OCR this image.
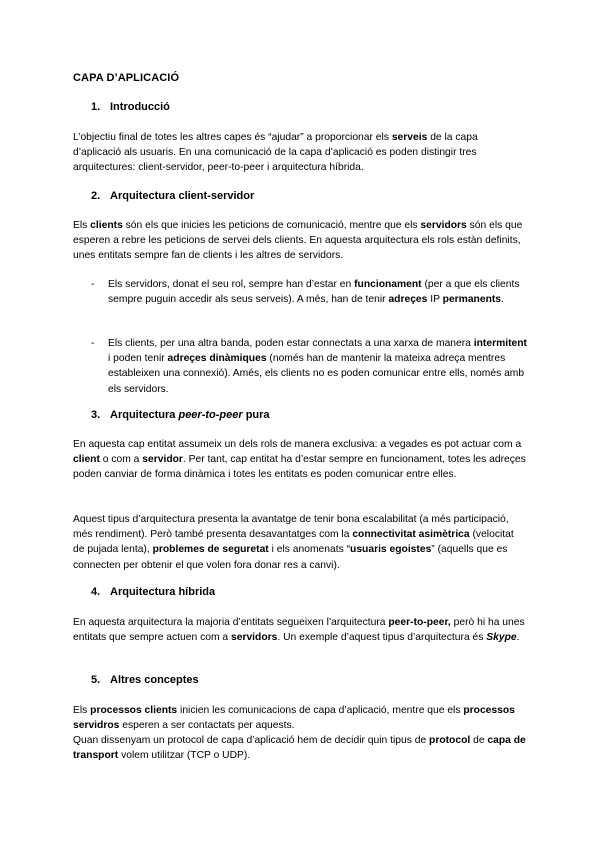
CAPA D’APLICACIÓ
1. Introducció
L’objectiu final de totes les altres capes és “ajudar” a proporcionar els serveis de la capa d’aplicació als usuaris. En una comunicació de la capa d’aplicació es poden distingir tres arquitectures: client-servidor, peer-to-peer i arquitectura híbrida.
2. Arquitectura client-servidor
Els clients són els que inicies les peticions de comunicació, mentre que els servidors són els que esperen a rebre les peticions de servei dels clients. En aquesta arquitectura els rols estàn definits, unes entitats sempre fan de clients i les altres de servidors.
- Els servidors, donat el seu rol, sempre han d’estar en funcionament (per a que els clients sempre puguin accedir als seus serveis). A més, han de tenir adreçes IP permanents.
- Els clients, per una altra banda, poden estar connectats a una xarxa de manera intermitent i poden tenir adreçes dinàmiques (només han de mantenir la mateixa adreça mentres estableixen una connexió). Amés, els clients no es poden comunicar entre ells, només amb els servidors.
3. Arquitectura peer-to-peer pura
En aquesta cap entitat assumeix un dels rols de manera exclusiva: a vegades es pot actuar com a client o com a servidor. Per tant, cap entitat ha d’estar sempre en funcionament, totes les adreçes poden canviar de forma dinàmica i totes les entitats es poden comunicar entre elles.
Aquest tipus d’arquitectura presenta la avantatge de tenir bona escalabilitat (a més participació, més rendiment). Però també presenta desavantatges com la connectivitat asimètrica (velocitat de pujada lenta), problemes de seguretat i els anomenats “usuaris egoistes” (aquells que es connecten per obtenir el que volen fora donar res a canvi).
4. Arquitectura híbrida
En aquesta arquitectura la majoria d’entitats segueixen l’arquitectura peer-to-peer, però hi ha unes entitats que sempre actuen com a servidors. Un exemple d’aquest tipus d’arquitectura és Skype.
5. Altres conceptes
Els processos clients inicien les comunicacions de capa d’aplicació, mentre que els processos servidros esperen a ser contactats per aquests.
Quan dissenyam un protocol de capa d’aplicació hem de decidir quin tipus de protocol de capa de transport volem utilitzar (TCP o UDP).
